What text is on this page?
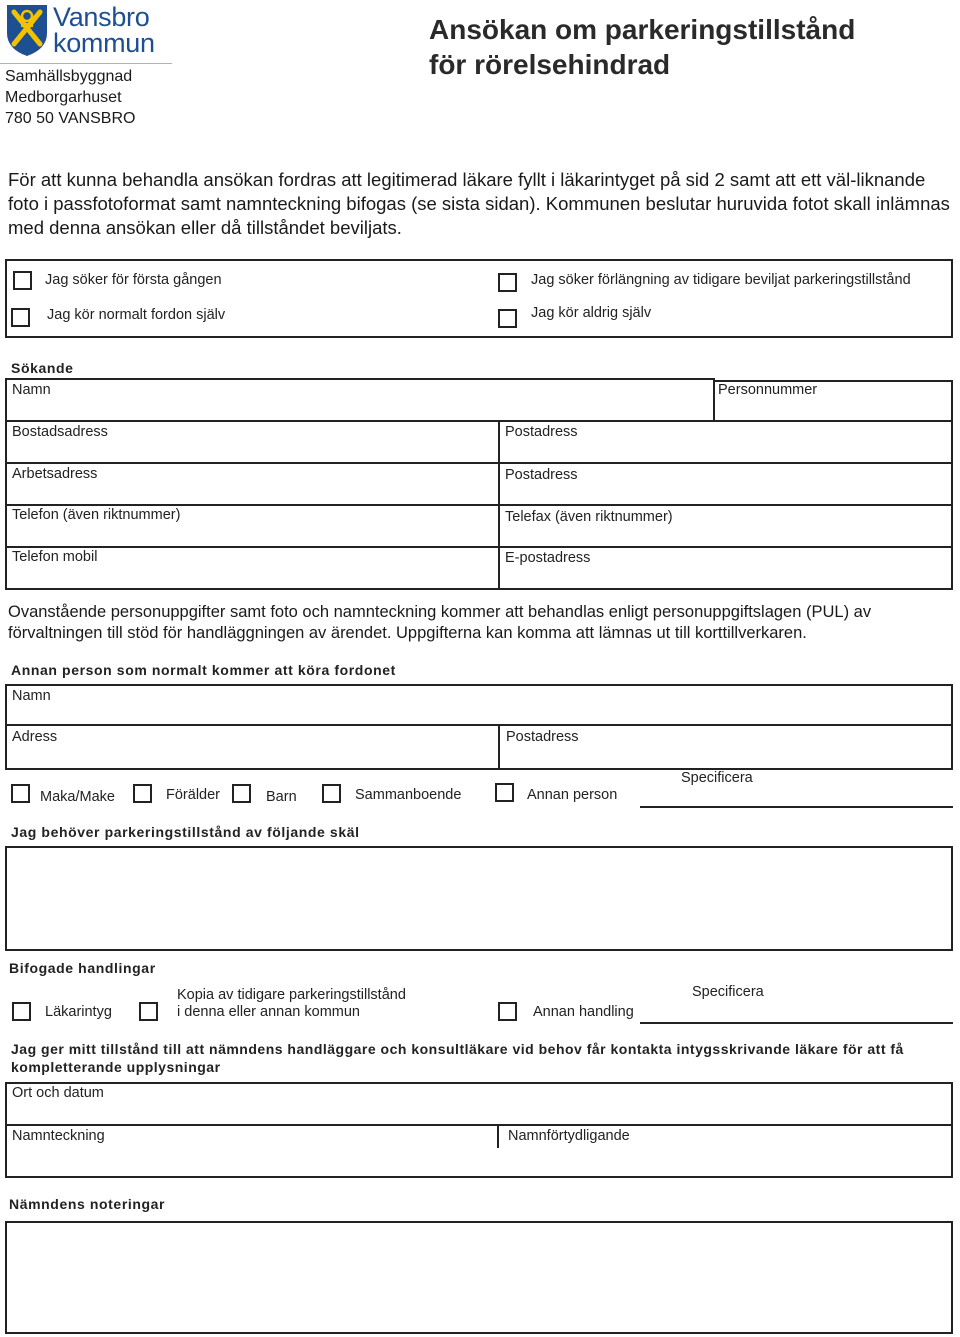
Vansbro
kommun
Samhällsbyggnad
Medborgarhuset
780 50 VANSBRO
Ansökan om parkeringstillstånd
för rörelsehindrad
För att kunna behandla ansökan fordras att legitimerad läkare fyllt i läkarintyget på sid 2 samt att ett väl-liknande foto i passfotoformat samt namnteckning bifogas (se sista sidan). Kommunen beslutar huruvida fotot skall inlämnas med denna ansökan eller då tillståndet beviljats.
Jag söker för första gången	Jag söker förlängning av tidigare beviljat parkeringstillstånd
Jag kör normalt fordon själv	Jag kör aldrig själv
Sökande
Namn	Personnummer
Bostadsadress	Postadress
Arbetsadress	Postadress
Telefon (även riktnummer)	Telefax (även riktnummer)
Telefon mobil	E-postadress
Ovanstående personuppgifter samt foto och namnteckning kommer att behandlas enligt personuppgiftslagen (PUL) av förvaltningen till stöd för handläggningen av ärendet. Uppgifterna kan komma att lämnas ut till korttillverkaren.
Annan person som normalt kommer att köra fordonet
Namn
Adress	Postadress
Maka/Make	Förälder	Barn	Sammanboende	Annan person
Specificera
Jag behöver parkeringstillstånd av följande skäl
Bifogade handlingar
Läkarintyg
Kopia av tidigare parkeringstillstånd
i denna eller annan kommun	Annan handling
Specificera
Jag ger mitt tillstånd till att nämndens handläggare och konsultläkare vid behov får kontakta intygsskrivande läkare för att få kompletterande upplysningar
Ort och datum
Namnteckning	Namnförtydligande
Nämndens noteringar
